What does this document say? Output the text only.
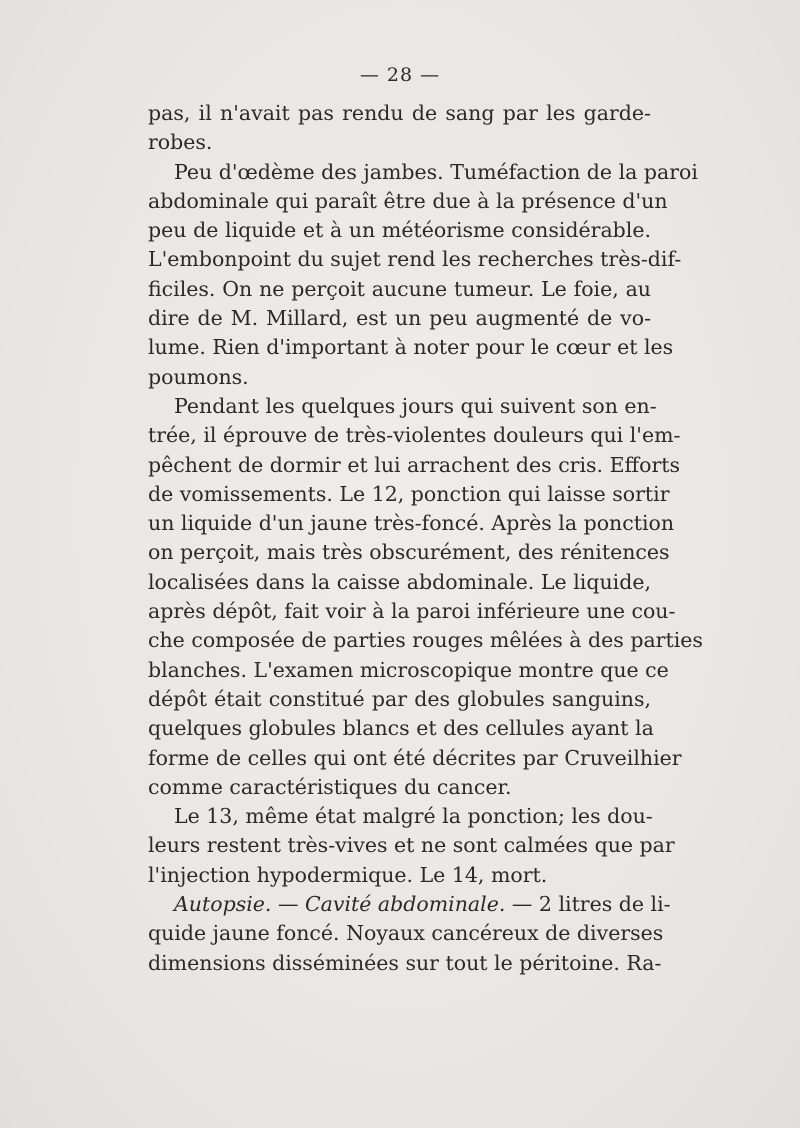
— 28 —
pas, il n'avait pas rendu de sang par les garde-
robes.
Peu d'œdème des jambes. Tuméfaction de la paroi
abdominale qui paraît être due à la présence d'un
peu de liquide et à un météorisme considérable.
L'embonpoint du sujet rend les recherches très-dif-
ficiles. On ne perçoit aucune tumeur. Le foie, au
dire de M. Millard, est un peu augmenté de vo-
lume. Rien d'important à noter pour le cœur et les
poumons.
Pendant les quelques jours qui suivent son en-
trée, il éprouve de très-violentes douleurs qui l'em-
pêchent de dormir et lui arrachent des cris. Efforts
de vomissements. Le 12, ponction qui laisse sortir
un liquide d'un jaune très-foncé. Après la ponction
on perçoit, mais très obscurément, des rénitences
localisées dans la caisse abdominale. Le liquide,
après dépôt, fait voir à la paroi inférieure une cou-
che composée de parties rouges mêlées à des parties
blanches. L'examen microscopique montre que ce
dépôt était constitué par des globules sanguins,
quelques globules blancs et des cellules ayant la
forme de celles qui ont été décrites par Cruveilhier
comme caractéristiques du cancer.
Le 13, même état malgré la ponction; les dou-
leurs restent très-vives et ne sont calmées que par
l'injection hypodermique. Le 14, mort.
Autopsie. — Cavité abdominale. — 2 litres de li-
quide jaune foncé. Noyaux cancéreux de diverses
dimensions disséminées sur tout le péritoine. Ra-
